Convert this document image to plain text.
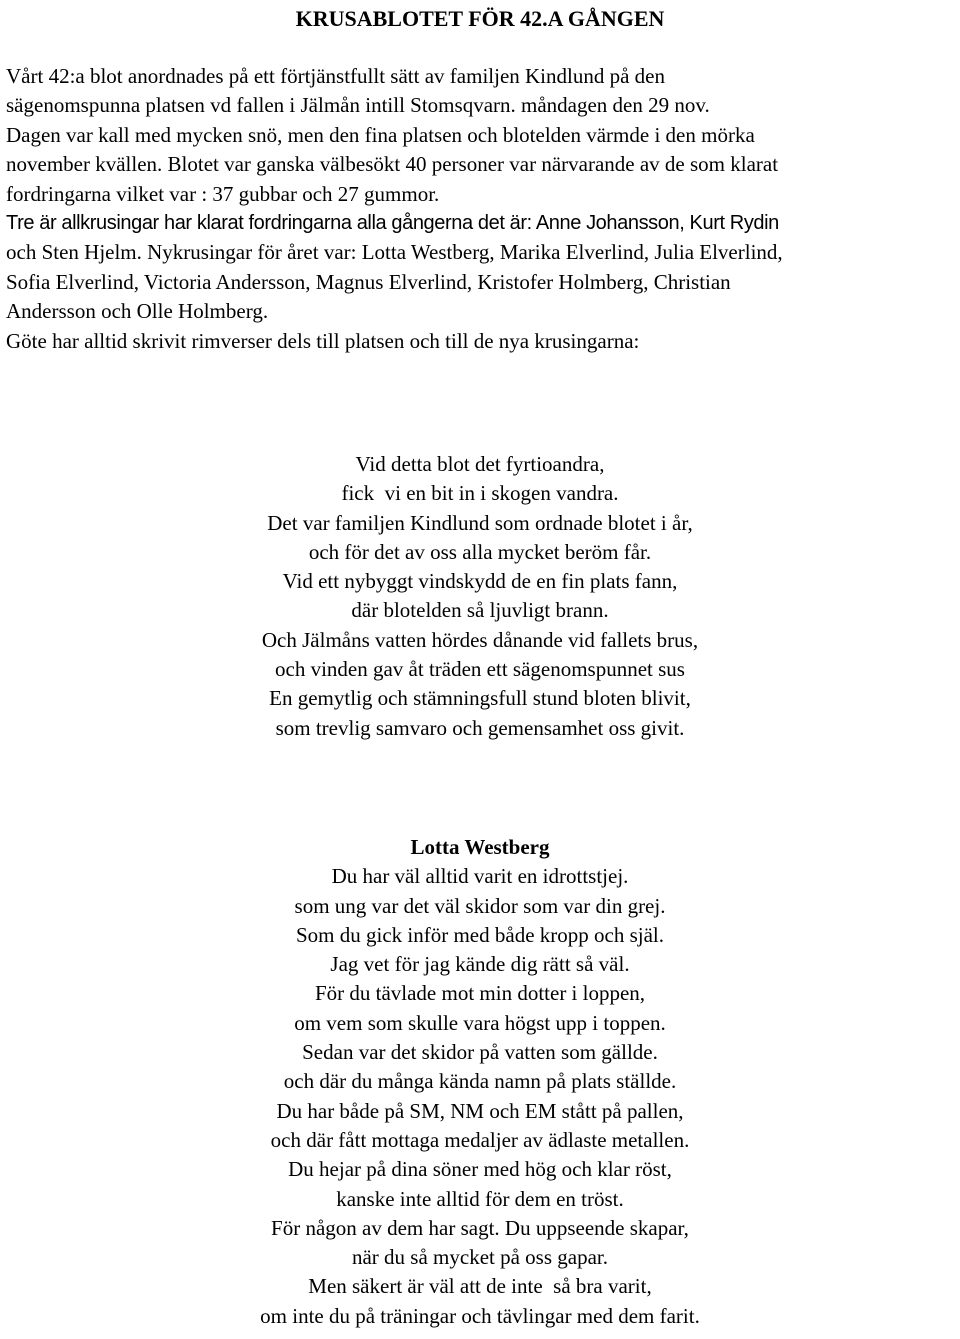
KRUSABLOTET FÖR 42.A GÅNGEN
Vårt 42:a blot anordnades på ett förtjänstfullt sätt av familjen Kindlund på den
sägenomspunna platsen vd fallen i Jälmån intill Stomsqvarn. måndagen den 29 nov.
Dagen var kall med mycken snö, men den fina platsen och blotelden värmde i den mörka
november kvällen. Blotet var ganska välbesökt 40 personer var närvarande av de som klarat
fordringarna vilket var : 37 gubbar och 27 gummor.
Tre är allkrusingar har klarat fordringarna alla gångerna det är: Anne Johansson, Kurt Rydin
och Sten Hjelm. Nykrusingar för året var: Lotta Westberg, Marika Elverlind, Julia Elverlind,
Sofia Elverlind, Victoria Andersson, Magnus Elverlind, Kristofer Holmberg, Christian
Andersson och Olle Holmberg.
Göte har alltid skrivit rimverser dels till platsen och till de nya krusingarna:
Vid detta blot det fyrtioandra,
fick  vi en bit in i skogen vandra.
Det var familjen Kindlund som ordnade blotet i år,
och för det av oss alla mycket beröm får.
Vid ett nybyggt vindskydd de en fin plats fann,
där blotelden så ljuvligt brann.
Och Jälmåns vatten hördes dånande vid fallets brus,
och vinden gav åt träden ett sägenomspunnet sus
En gemytlig och stämningsfull stund bloten blivit,
som trevlig samvaro och gemensamhet oss givit.
Lotta Westberg
Du har väl alltid varit en idrottstjej.
som ung var det väl skidor som var din grej.
Som du gick inför med både kropp och själ.
Jag vet för jag kände dig rätt så väl.
För du tävlade mot min dotter i loppen,
om vem som skulle vara högst upp i toppen.
Sedan var det skidor på vatten som gällde.
och där du många kända namn på plats ställde.
Du har både på SM, NM och EM stått på pallen,
och där fått mottaga medaljer av ädlaste metallen.
Du hejar på dina söner med hög och klar röst,
kanske inte alltid för dem en tröst.
För någon av dem har sagt. Du uppseende skapar,
när du så mycket på oss gapar.
Men säkert är väl att de inte  så bra varit,
om inte du på träningar och tävlingar med dem farit.
